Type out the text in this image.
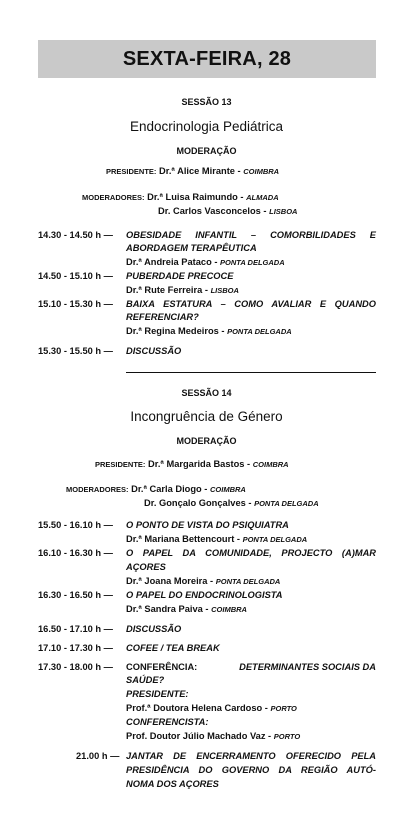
SEXTA-FEIRA, 28
SESSÃO 13
Endocrinologia Pediátrica
MODERAÇÃO
PRESIDENTE: Dr.ª Alice Mirante - COIMBRA
MODERADORES: Dr.ª Luisa Raimundo - ALMADA
Dr. Carlos Vasconcelos - LISBOA
14.30 - 14.50 h — OBESIDADE INFANTIL – COMORBILIDADES E
ABORDAGEM TERAPÊUTICA
Dr.ª Andreia Pataco - PONTA DELGADA
14.50 - 15.10 h — PUBERDADE PRECOCE
Dr.ª Rute Ferreira - LISBOA
15.10 - 15.30 h — BAIXA ESTATURA – COMO AVALIAR E QUANDO
REFERENCIAR?
Dr.ª Regina Medeiros - PONTA DELGADA
15.30 - 15.50 h — DISCUSSÃO
SESSÃO 14
Incongruência de Género
MODERAÇÃO
PRESIDENTE: Dr.ª Margarida Bastos - COIMBRA
MODERADORES: Dr.ª Carla Diogo - COIMBRA
Dr. Gonçalo Gonçalves - PONTA DELGADA
15.50 - 16.10 h — O PONTO DE VISTA DO PSIQUIATRA
Dr.ª Mariana Bettencourt - PONTA DELGADA
16.10 - 16.30 h — O PAPEL DA COMUNIDADE, PROJECTO (A)MAR
AÇORES
Dr.ª Joana Moreira - PONTA DELGADA
16.30 - 16.50 h — O PAPEL DO ENDOCRINOLOGISTA
Dr.ª Sandra Paiva - COIMBRA
16.50 - 17.10 h — DISCUSSÃO
17.10 - 17.30 h — COFEE / TEA BREAK
17.30 - 18.00 h — CONFERÊNCIA:	DETERMINANTES SOCIAIS DA
SAÚDE?
PRESIDENTE:
Prof.ª Doutora Helena Cardoso - PORTO
CONFERENCISTA:
Prof. Doutor Júlio Machado Vaz - PORTO
21.00 h — JANTAR DE ENCERRAMENTO OFERECIDO PELA
PRESIDÊNCIA DO GOVERNO DA REGIÃO AUTÓ-
NOMA DOS AÇORES
